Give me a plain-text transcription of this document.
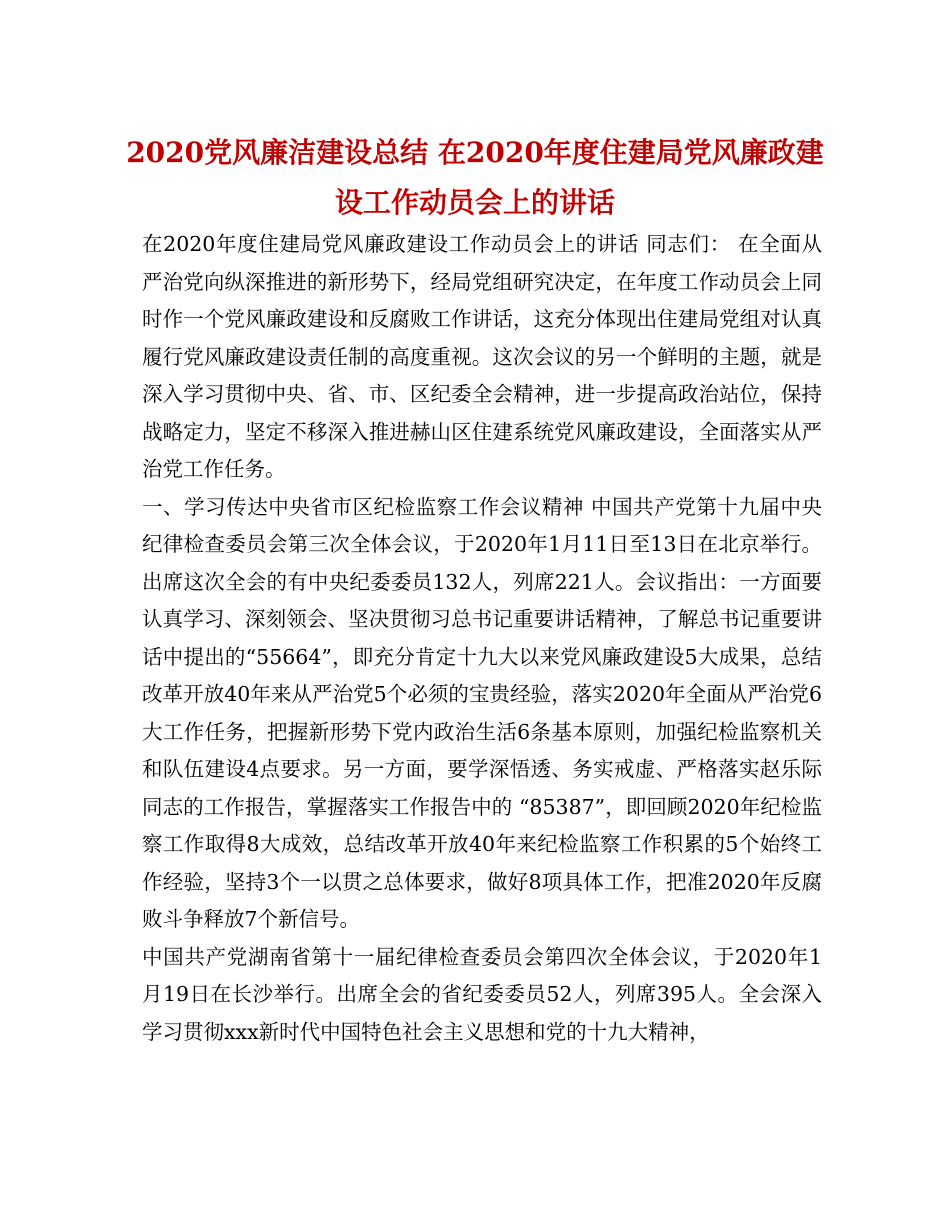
2020党风廉洁建设总结 在2020年度住建局党风廉政建设工作动员会上的讲话

在2020年度住建局党风廉政建设工作动员会上的讲话 同志们： 在全面从严治党向纵深推进的新形势下，经局党组研究决定，在年度工作动员会上同时作一个党风廉政建设和反腐败工作讲话，这充分体现出住建局党组对认真履行党风廉政建设责任制的高度重视。这次会议的另一个鲜明的主题，就是深入学习贯彻中央、省、市、区纪委全会精神，进一步提高政治站位，保持战略定力，坚定不移深入推进赫山区住建系统党风廉政建设，全面落实从严治党工作任务。

一、学习传达中央省市区纪检监察工作会议精神 中国共产党第十九届中央纪律检查委员会第三次全体会议，于2020年1月11日至13日在北京举行。出席这次全会的有中央纪委委员132人，列席221人。会议指出：一方面要认真学习、深刻领会、坚决贯彻习总书记重要讲话精神，了解总书记重要讲话中提出的“55664”，即充分肯定十九大以来党风廉政建设5大成果，总结改革开放40年来从严治党5个必须的宝贵经验，落实2020年全面从严治党6大工作任务，把握新形势下党内政治生活6条基本原则，加强纪检监察机关和队伍建设4点要求。另一方面，要学深悟透、务实戒虚、严格落实赵乐际同志的工作报告，掌握落实工作报告中的 “85387”，即回顾2020年纪检监察工作取得8大成效，总结改革开放40年来纪检监察工作积累的5个始终工作经验，坚持3个一以贯之总体要求，做好8项具体工作，把准2020年反腐败斗争释放7个新信号。

中国共产党湖南省第十一届纪律检查委员会第四次全体会议，于2020年1月19日在长沙举行。出席全会的省纪委委员52人，列席395人。全会深入学习贯彻xxx新时代中国特色社会主义思想和党的十九大精神，
